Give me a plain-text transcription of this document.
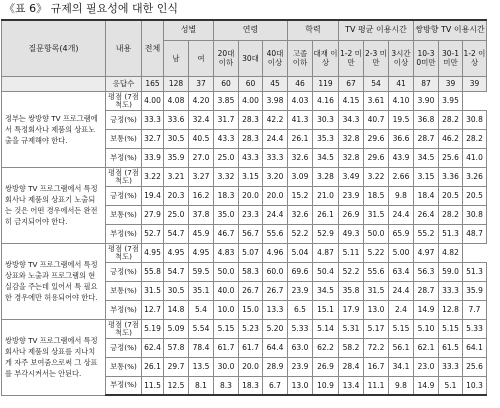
《표 6》 규제의 필요성에 대한 인식
질문항목(4개)	내용	전체	성별		연령			학력		TV 평균 이용시간			쌍방향 TV 이용시간		
			남	여	20대 이하	30대	40대 이상	고졸 이하	대재 이상	1-2 미만	2-3 미만	3시간 이상	10-3 0미만	30-1 미만	1-2 이상
	응답수	165	128	37	60	60	45	46	119	67	54	41	87	39	39
정부는 쌍방향 TV 프로그램에서 특정회사나 제품의 상표노출을 규제해야 한다.	평점 (7점척도)	4.00	4.08	4.20	3.85	4.00	3.98	4.03	4.16	4.15	3.61	4.10	3.90	3.95	
	긍정(%)	33.3	33.6	32.4	31.7	28.3	42.2	41.3	30.3	34.3	40.7	19.5	36.8	28.2	30.8
	보통(%)	32.7	30.5	40.5	43.3	28.3	24.4	26.1	35.3	32.8	29.6	36.6	28.7	46.2	28.2
	부정(%)	33.9	35.9	27.0	25.0	43.3	33.3	32.6	34.5	32.8	29.6	43.9	34.5	25.6	41.0
쌍방향 TV 프로그램에서 특정회사나 제품의 상표기 노출되는 것은 어떤 경우에서든 완전히 금지되어야 한다.	평점 (7점척도)	3.22	3.21	3.27	3.32	3.15	3.20	3.09	3.28	3.49	3.22	2.66	3.15	3.36	3.26
	긍정(%)	19.4	20.3	16.2	18.3	20.0	20.0	15.2	21.0	23.9	18.5	9.8	18.4	20.5	20.5
	보통(%)	27.9	25.0	37.8	35.0	23.3	24.4	32.6	26.1	26.9	31.5	24.4	26.4	28.2	30.8
	부정(%)	52.7	54.7	45.9	46.7	56.7	55.6	52.2	52.9	49.3	50.0	65.9	55.2	51.3	48.7
쌍방향 TV 프로그램에서 특정상표와 노출과 프로그램의 현실감을 주는데 있어서 특 필요한 경우에만 허용되어야 한다.	평점 (7점척도)	4.95	4.95	4.95	4.83	5.07	4.96	5.04	4.87	5.11	5.22	5.00	4.97	4.82	
	긍정(%)	55.8	54.7	59.5	50.0	58.3	60.0	69.6	50.4	52.2	55.6	63.4	56.3	59.0	51.3
	보통(%)	31.5	30.5	35.1	40.0	26.7	26.7	23.9	34.5	35.8	31.5	24.4	28.7	33.3	35.9
	부정(%)	12.7	14.8	5.4	10.0	15.0	13.3	6.5	15.1	17.9	13.0	2.4	14.9	12.8	7.7
쌍방향 TV 프로그램에서 특정회사나 제품의 상표를 지나치게 자주 보여줌으로써 그 상표를 부각시켜서는 안된다.	평점 (7점척도)	5.19	5.09	5.54	5.15	5.23	5.20	5.33	5.14	5.31	5.17	5.15	5.10	5.15	5.33
	긍정(%)	62.4	57.8	78.4	61.7	61.7	64.4	63.0	62.2	58.2	72.2	56.1	62.1	61.5	64.1
	보통(%)	26.1	29.7	13.5	30.0	20.0	28.9	23.9	26.9	28.4	16.7	34.1	23.0	33.3	25.6
	부정(%)	11.5	12.5	8.1	8.3	18.3	6.7	13.0	10.9	13.4	11.1	9.8	14.9	5.1	10.3
